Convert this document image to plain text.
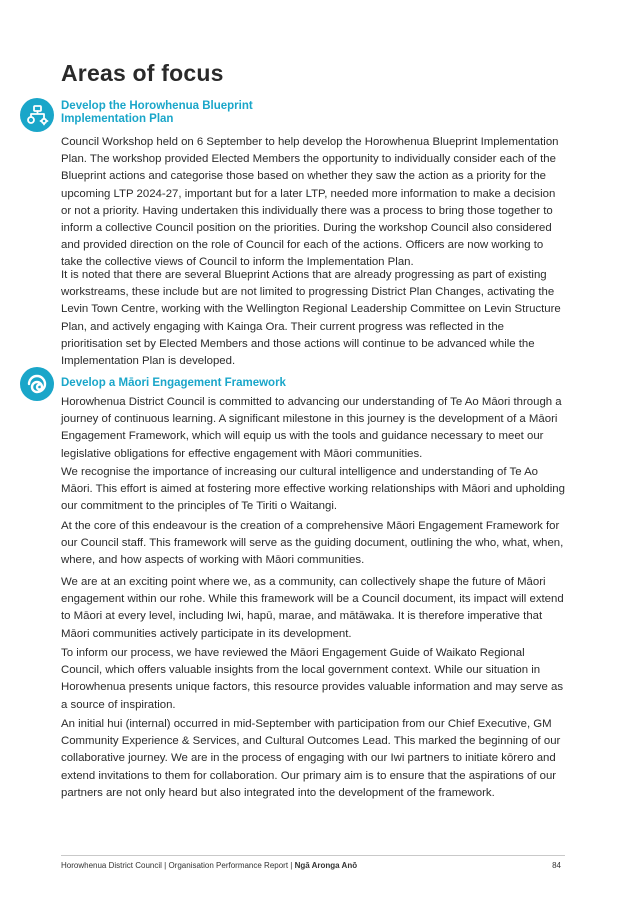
Areas of focus
Develop the Horowhenua Blueprint
Implementation Plan

Council Workshop held on 6 September to help develop the Horowhenua Blueprint Implementation Plan. The workshop provided Elected Members the opportunity to individually consider each of the Blueprint actions and categorise those based on whether they saw the action as a priority for the upcoming LTP 2024-27, important but for a later LTP, needed more information to make a decision or not a priority. Having undertaken this individually there was a process to bring those together to inform a collective Council position on the priorities. During the workshop Council also considered and provided direction on the role of Council for each of the actions. Officers are now working to take the collective views of Council to inform the Implementation Plan.

It is noted that there are several Blueprint Actions that are already progressing as part of existing workstreams, these include but are not limited to progressing District Plan Changes, activating the Levin Town Centre, working with the Wellington Regional Leadership Committee on Levin Structure Plan, and actively engaging with Kainga Ora. Their current progress was reflected in the prioritisation set by Elected Members and those actions will continue to be advanced while the Implementation Plan is developed.

Develop a Māori Engagement Framework

Horowhenua District Council is committed to advancing our understanding of Te Ao Māori through a journey of continuous learning. A significant milestone in this journey is the development of a Māori Engagement Framework, which will equip us with the tools and guidance necessary to meet our legislative obligations for effective engagement with Māori communities.

We recognise the importance of increasing our cultural intelligence and understanding of Te Ao Māori. This effort is aimed at fostering more effective working relationships with Māori and upholding our commitment to the principles of Te Tiriti o Waitangi.

At the core of this endeavour is the creation of a comprehensive Māori Engagement Framework for our Council staff. This framework will serve as the guiding document, outlining the who, what, when, where, and how aspects of working with Māori communities.

We are at an exciting point where we, as a community, can collectively shape the future of Māori engagement within our rohe. While this framework will be a Council document, its impact will extend to Māori at every level, including Iwi, hapū, marae, and mātāwaka. It is therefore imperative that Māori communities actively participate in its development.

To inform our process, we have reviewed the Māori Engagement Guide of Waikato Regional Council, which offers valuable insights from the local government context. While our situation in Horowhenua presents unique factors, this resource provides valuable information and may serve as a source of inspiration.

An initial hui (internal) occurred in mid-September with participation from our Chief Executive, GM Community Experience & Services, and Cultural Outcomes Lead. This marked the beginning of our collaborative journey. We are in the process of engaging with our Iwi partners to initiate kōrero and extend invitations to them for collaboration. Our primary aim is to ensure that the aspirations of our partners are not only heard but also integrated into the development of the framework.

Horowhenua District Council | Organisation Performance Report | Ngā Aronga Anō	84
